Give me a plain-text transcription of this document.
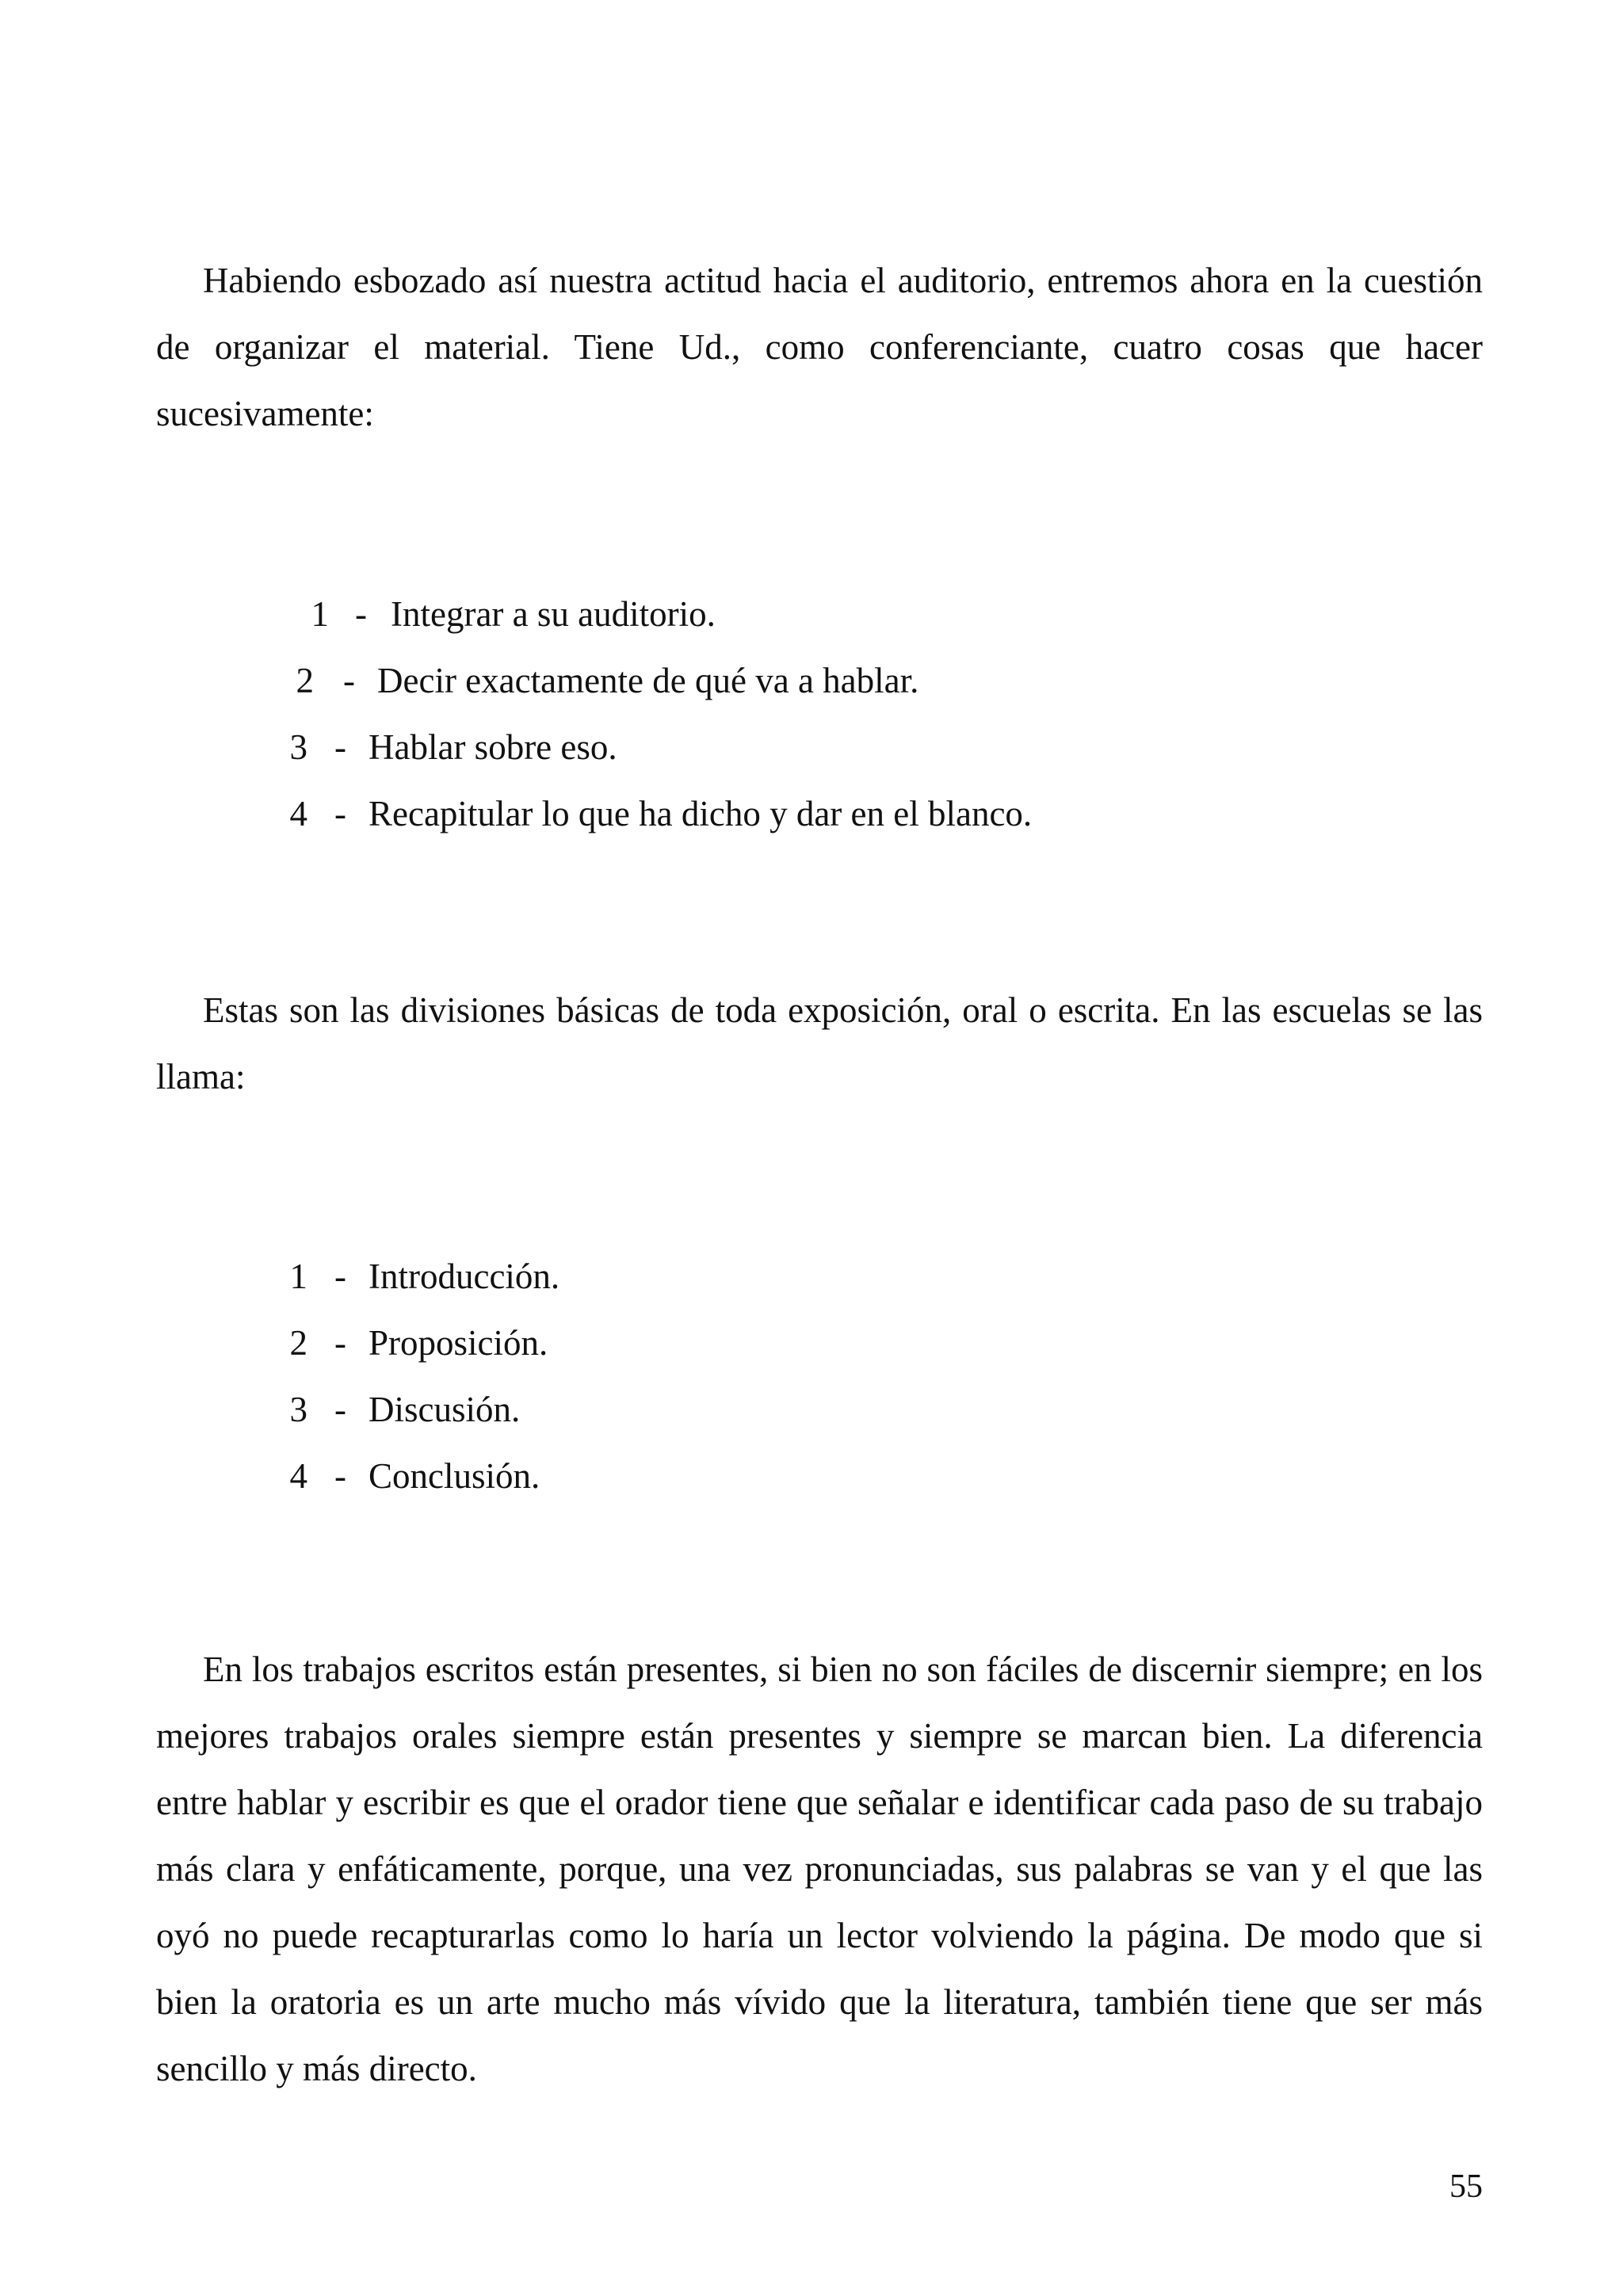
Habiendo esbozado así nuestra actitud hacia el auditorio, entremos ahora en la cuestión de organizar el material. Tiene Ud., como conferenciante, cuatro cosas que hacer sucesivamente:

1 - Integrar a su auditorio.
2 - Decir exactamente de qué va a hablar.
3 - Hablar sobre eso.
4 - Recapitular lo que ha dicho y dar en el blanco.

Estas son las divisiones básicas de toda exposición, oral o escrita. En las escuelas se las llama:

1 - Introducción.
2 - Proposición.
3 - Discusión.
4 - Conclusión.

En los trabajos escritos están presentes, si bien no son fáciles de discernir siempre; en los mejores trabajos orales siempre están presentes y siempre se marcan bien. La diferencia entre hablar y escribir es que el orador tiene que señalar e identificar cada paso de su trabajo más clara y enfáticamente, porque, una vez pronunciadas, sus palabras se van y el que las oyó no puede recapturarlas como lo haría un lector volviendo la página. De modo que si bien la oratoria es un arte mucho más vívido que la literatura, también tiene que ser más sencillo y más directo.

55
